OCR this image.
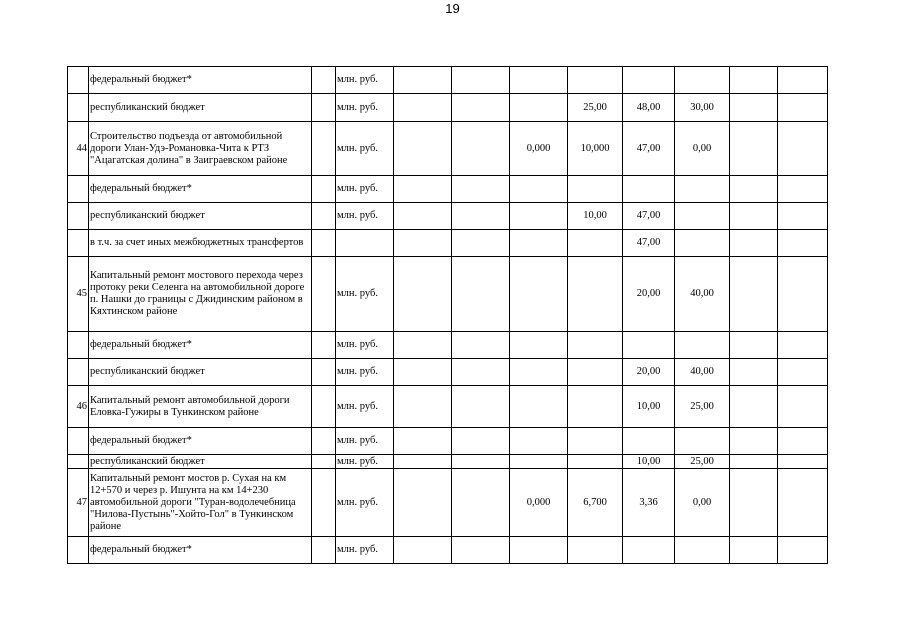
19
	федеральный бюджет*		млн. руб.								
	республиканский бюджет		млн. руб.				25,00	48,00	30,00		
44	Строительство подъезда от автомобильной дороги Улан-Удэ-Романовка-Чита к РТЗ "Ацагатская долина" в Заиграевском районе		млн. руб.			0,000	10,000	47,00	0,00		
	федеральный бюджет*		млн. руб.								
	республиканский бюджет		млн. руб.				10,00	47,00			
	в т.ч. за счет иных межбюджетных трансфертов							47,00			
45	Капитальный ремонт мостового перехода через протоку реки Селенга на автомобильной дороге п. Нашки до границы с Джидинским районом в Кяхтинском районе		млн. руб.					20,00	40,00		
	федеральный бюджет*		млн. руб.								
	республиканский бюджет		млн. руб.					20,00	40,00		
46	Капитальный ремонт автомобильной дороги Еловка-Гужиры в Тункинском районе		млн. руб.					10,00	25,00		
	федеральный бюджет*		млн. руб.								
	республиканский бюджет		млн. руб.					10,00	25,00		
47	Капитальный ремонт мостов р. Сухая на км 12+570 и через р. Ишунта на км 14+230 автомобильной дороги "Туран-водолечебница "Нилова-Пустынь"-Хойто-Гол" в Тункинском районе		млн. руб.			0,000	6,700	3,36	0,00		
	федеральный бюджет*		млн. руб.								
